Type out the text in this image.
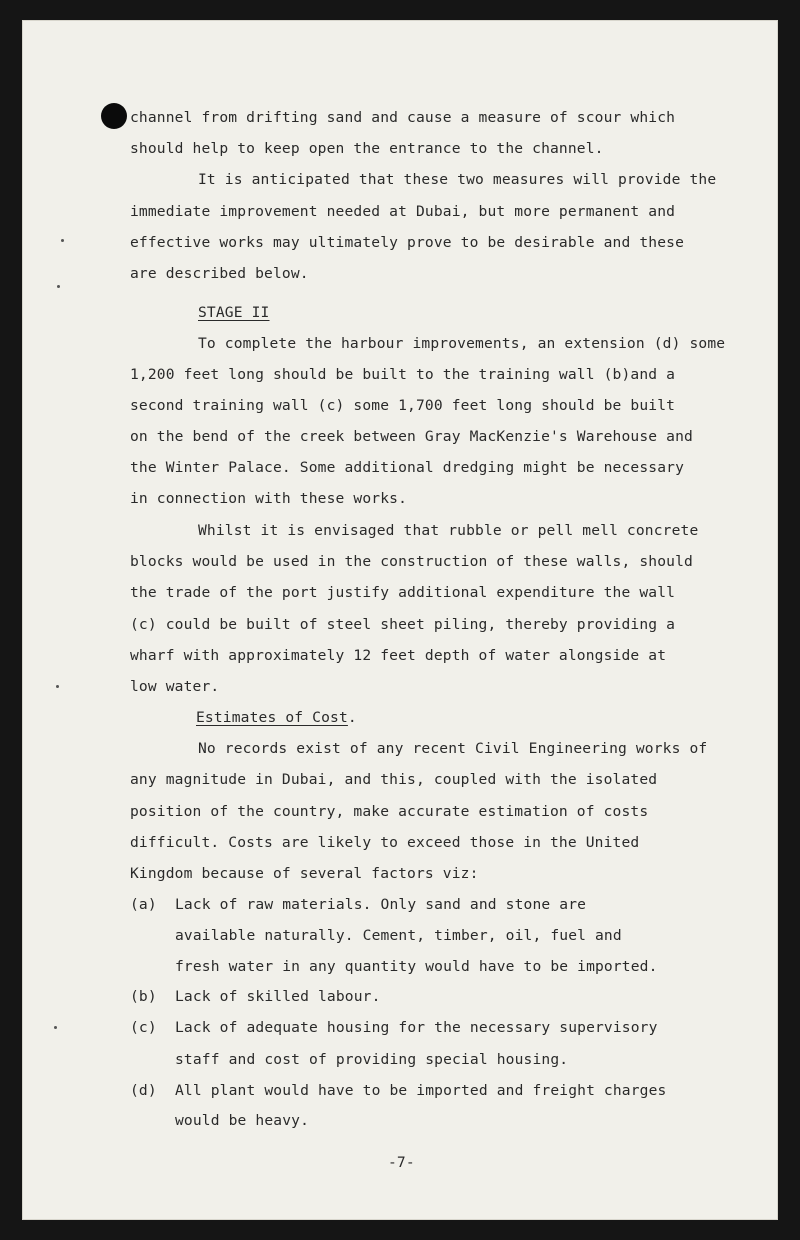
channel from drifting sand and cause a measure of scour which
should help to keep open the entrance to the channel.
It is anticipated that these two measures will provide the
immediate improvement needed at Dubai, but more permanent and
effective works may ultimately prove to be desirable and these
are described below.
STAGE II
To complete the harbour improvements, an extension (d) some
1,200 feet long should be built to the training wall (b)and a
second training wall (c) some 1,700 feet long should be built
on the bend of the creek between Gray MacKenzie's Warehouse and
the Winter Palace. Some additional dredging might be necessary
in connection with these works.
Whilst it is envisaged that rubble or pell mell concrete
blocks would be used in the construction of these walls, should
the trade of the port justify additional expenditure the wall
(c) could be built of steel sheet piling, thereby providing a
wharf with approximately 12 feet depth of water alongside at
low water.
Estimates of Cost.
No records exist of any recent Civil Engineering works of
any magnitude in Dubai, and this, coupled with the isolated
position of the country, make accurate estimation of costs
difficult. Costs are likely to exceed those in the United
Kingdom because of several factors viz:
(a) Lack of raw materials. Only sand and stone are
available naturally. Cement, timber, oil, fuel and
fresh water in any quantity would have to be imported.
(b) Lack of skilled labour.
(c) Lack of adequate housing for the necessary supervisory
staff and cost of providing special housing.
(d) All plant would have to be imported and freight charges
would be heavy.
-7-
